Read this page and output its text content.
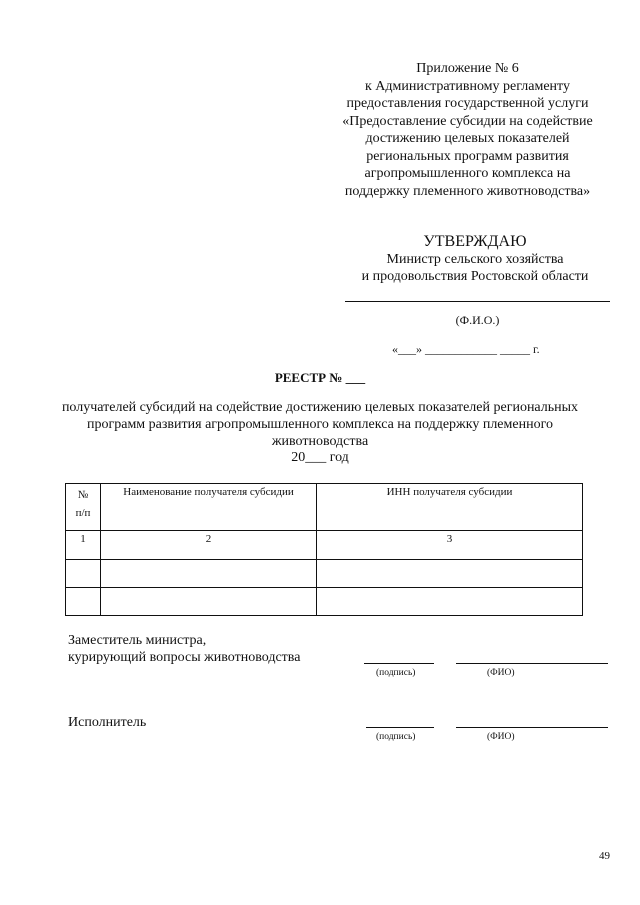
Приложение № 6
к Административному регламенту
предоставления государственной услуги
«Предоставление субсидии на содействие
достижению целевых показателей
региональных программ развития
агропромышленного комплекса на
поддержку племенного животноводства»
УТВЕРЖДАЮ
Министр сельского хозяйства
и продовольствия Ростовской области
(Ф.И.О.)
«___» ____________ _____ г.
РЕЕСТР № ___
получателей субсидий на содействие достижению целевых показателей региональных программ развития агропромышленного комплекса на поддержку племенного животноводства
20___ год
№
п/п	Наименование получателя субсидии	ИНН получателя субсидии
1	2	3

Заместитель министра,
курирующий вопросы животноводства
(подпись)	(ФИО)
Исполнитель
(подпись)	(ФИО)
49
